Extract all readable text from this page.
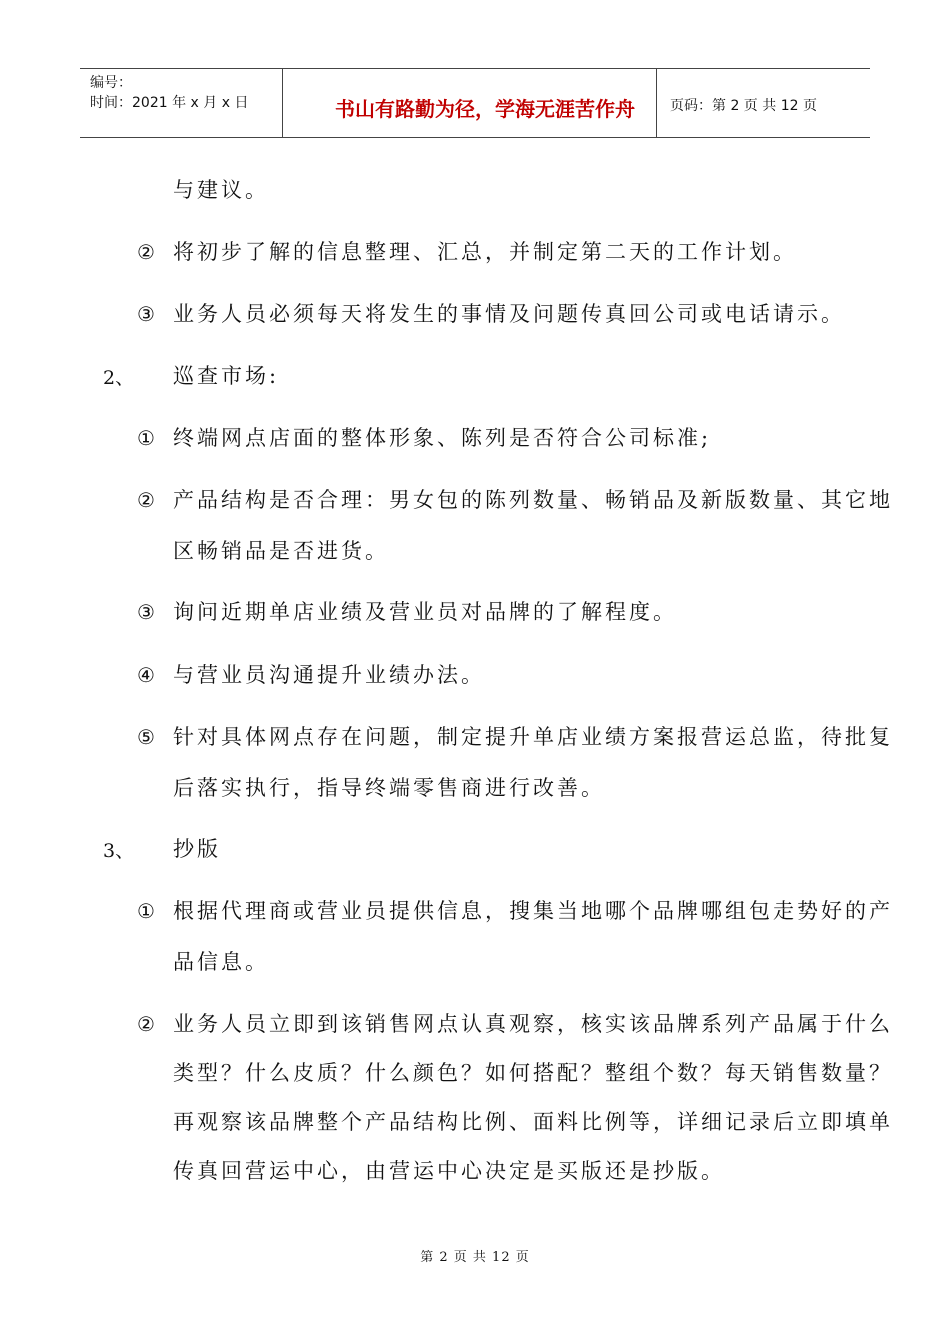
编号：
时间：2021 年 x 月 x 日	书山有路勤为径，学海无涯苦作舟	页码：第 2 页 共 12 页
与建议。
② 将初步了解的信息整理、汇总，并制定第二天的工作计划。
③ 业务人员必须每天将发生的事情及问题传真回公司或电话请示。
2、 巡查市场:
① 终端网点店面的整体形象、陈列是否符合公司标准;
② 产品结构是否合理：男女包的陈列数量、畅销品及新版数量、其它地
区畅销品是否进货。
③ 询问近期单店业绩及营业员对品牌的了解程度。
④ 与营业员沟通提升业绩办法。
⑤ 针对具体网点存在问题，制定提升单店业绩方案报营运总监，待批复
后落实执行，指导终端零售商进行改善。
3、 抄版
① 根据代理商或营业员提供信息，搜集当地哪个品牌哪组包走势好的产
品信息。
② 业务人员立即到该销售网点认真观察，核实该品牌系列产品属于什么
类型？什么皮质？什么颜色？如何搭配？整组个数？每天销售数量？
再观察该品牌整个产品结构比例、面料比例等，详细记录后立即填单
传真回营运中心，由营运中心决定是买版还是抄版。
第 2 页 共 12 页
